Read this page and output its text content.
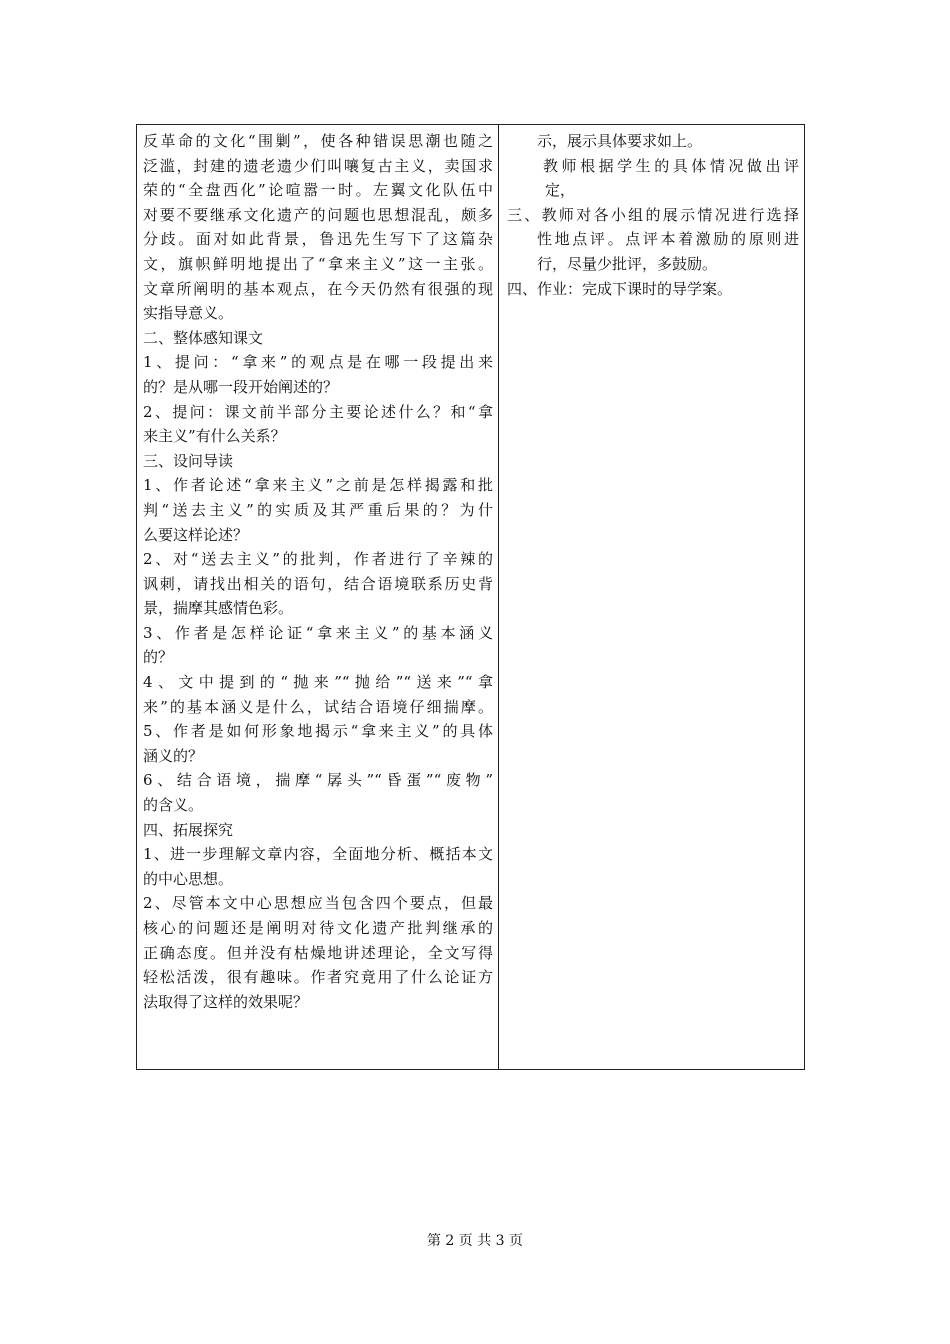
反革命的文化“围剿”，使各种错误思潮也随之
泛滥，封建的遗老遗少们叫嚷复古主义，卖国求
荣的“全盘西化”论喧嚣一时。左翼文化队伍中
对要不要继承文化遗产的问题也思想混乱，颇多
分歧。面对如此背景，鲁迅先生写下了这篇杂
文，旗帜鲜明地提出了“拿来主义”这一主张。
文章所阐明的基本观点，在今天仍然有很强的现
实指导意义。
二、整体感知课文
1、提问：“拿来”的观点是在哪一段提出来
的？是从哪一段开始阐述的？
2、提问：课文前半部分主要论述什么？和“拿
来主义”有什么关系？
三、设问导读
1、作者论述“拿来主义”之前是怎样揭露和批
判“送去主义”的实质及其严重后果的？为什
么要这样论述？
2、对“送去主义”的批判，作者进行了辛辣的
讽刺，请找出相关的语句，结合语境联系历史背
景，揣摩其感情色彩。
3、作者是怎样论证“拿来主义”的基本涵义
的？
4、文中提到的“抛来”“抛给”“送来”“拿
来”的基本涵义是什么，试结合语境仔细揣摩。
5、作者是如何形象地揭示“拿来主义”的具体
涵义的？
6、结合语境，揣摩“孱头”“昏蛋”“废物”
的含义。
四、拓展探究
1、进一步理解文章内容，全面地分析、概括本文
的中心思想。
2、尽管本文中心思想应当包含四个要点，但最
核心的问题还是阐明对待文化遗产批判继承的
正确态度。但并没有枯燥地讲述理论，全文写得
轻松活泼，很有趣味。作者究竟用了什么论证方
法取得了这样的效果呢？
示，展示具体要求如上。
教师根据学生的具体情况做出评
定，
三、教师对各小组的展示情况进行选择
性地点评。点评本着激励的原则进
行，尽量少批评，多鼓励。
四、作业：完成下课时的导学案。
第 2 页 共 3 页
